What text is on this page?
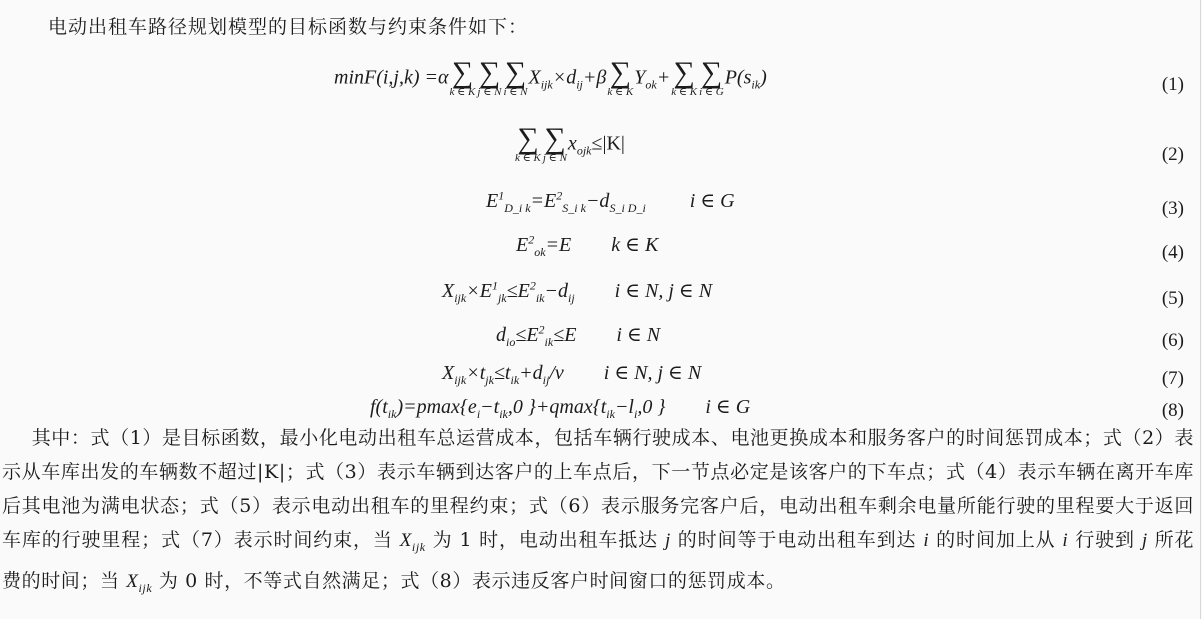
电动出租车路径规划模型的目标函数与约束条件如下：
minF(i,j,k) =α ∑
k ∈ K
∑
j ∈ N
∑
i ∈ N
$X_{ijk}\times d_{ij}+\beta$ ∑
k ∈ K
$Y_{ok}+$ ∑
k ∈ K
∑
i ∈ G
$P(s_{ik})$	(1)
∑
k ∈ K
∑
j ∈ N
$x_{ojk}\le|K|$	(2)
$E^1_{D\_i k}=E^2_{S\_i k}-d_{S\_i D\_i}$ i ∈ G	(3)
$E^2_{ok}=E$ k ∈ K	(4)
$X_{ijk}\times E^1_{jk}\le E^2_{ik}-d_{ij}$ i ∈ N, j ∈ N	(5)
$d_{io}\le E^2_{ik}\le E$ i ∈ N	(6)
$X_{ijk}\times t_{jk}\le t_{ik}+d_{ij}/v$ i ∈ N, j ∈ N	(7)
$f(t_{ik})=pmax\{e_i-t_{ik},0$ }$+qmax\{t_{ik}-l_i,0$ } i ∈ G	(8)

  其中：式（1）是目标函数，最小化电动出租车总运营成本，包括车辆行驶成本、电池更换成本和服务客户的时间惩罚成本；式（2）表示从车库出发的车辆数不超过|K|；式（3）表示车辆到达客户的上车点后，下一节点必定是该客户的下车点；式（4）表示车辆在离开车库后其电池为满电状态；式（5）表示电动出租车的里程约束；式（6）表示服务完客户后，电动出租车剩余电量所能行驶的里程要大于返回车库的行驶里程；式（7）表示时间约束，当 $X_{ijk}$ 为 1 时，电动出租车抵达 j 的时间等于电动出租车到达 i 的时间加上从 i 行驶到 j 所花费的时间；当 $X_{ijk}$ 为 0 时，不等式自然满足；式（8）表示违反客户时间窗口的惩罚成本。
